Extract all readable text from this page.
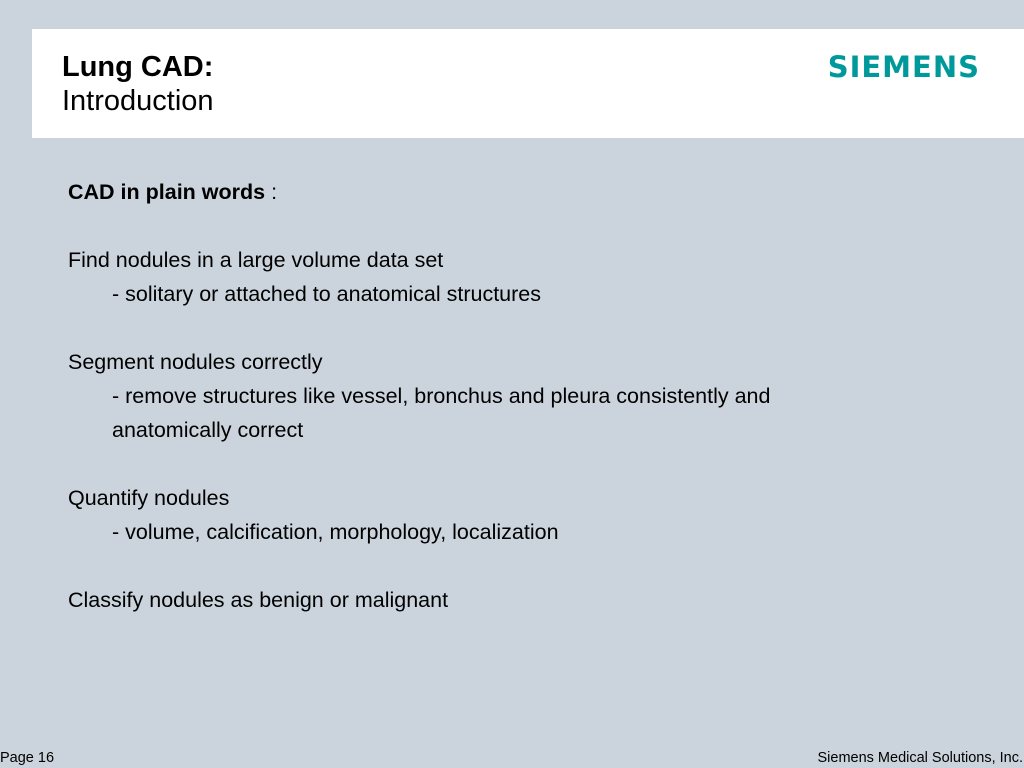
Lung CAD:
Introduction
SIEMENS

CAD in plain words :

Find nodules in a large volume data set

- solitary or attached to anatomical structures

Segment nodules correctly

- remove structures like vessel, bronchus and pleura consistently and

anatomically correct

Quantify nodules

- volume, calcification, morphology, localization

Classify nodules as benign or malignant

Page 16	Siemens Medical Solutions, Inc.
